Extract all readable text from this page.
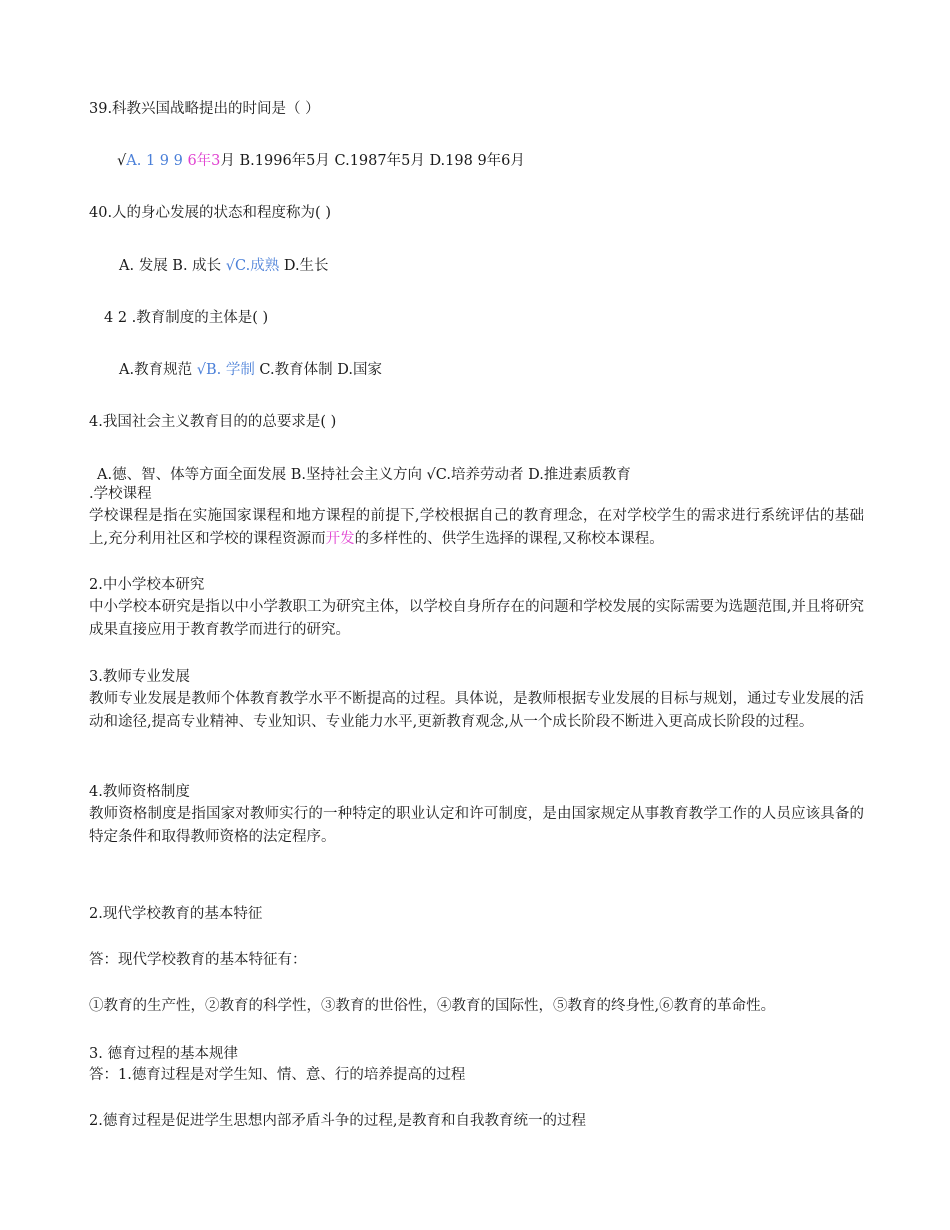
39.科教兴国战略提出的时间是（ ）
√A. 1 9 9 6年3月 B.1996年5月 C.1987年5月 D.198 9年6月
40.人的身心发展的状态和程度称为( )
A. 发展 B. 成长 √C.成熟 D.生长
4 2 .教育制度的主体是( )
A.教育规范 √B. 学制 C.教育体制 D.国家
4.我国社会主义教育目的的总要求是( )
A.德、智、体等方面全面发展 B.坚持社会主义方向 √C.培养劳动者 D.推进素质教育
.学校课程
学校课程是指在实施国家课程和地方课程的前提下,学校根据自己的教育理念，在对学校学生的需求进行系统评估的基础上,充分利用社区和学校的课程资源而开发的多样性的、供学生选择的课程,又称校本课程。
2.中小学校本研究
中小学校本研究是指以中小学教职工为研究主体，以学校自身所存在的问题和学校发展的实际需要为选题范围,并且将研究成果直接应用于教育教学而进行的研究。
3.教师专业发展
教师专业发展是教师个体教育教学水平不断提高的过程。具体说，是教师根据专业发展的目标与规划，通过专业发展的活动和途径,提高专业精神、专业知识、专业能力水平,更新教育观念,从一个成长阶段不断进入更高成长阶段的过程。
4.教师资格制度
教师资格制度是指国家对教师实行的一种特定的职业认定和许可制度，是由国家规定从事教育教学工作的人员应该具备的特定条件和取得教师资格的法定程序。
2.现代学校教育的基本特征
答：现代学校教育的基本特征有：
①教育的生产性，②教育的科学性，③教育的世俗性，④教育的国际性，⑤教育的终身性,⑥教育的革命性。
3. 德育过程的基本规律
答：1.德育过程是对学生知、情、意、行的培养提高的过程
2.德育过程是促进学生思想内部矛盾斗争的过程,是教育和自我教育统一的过程
